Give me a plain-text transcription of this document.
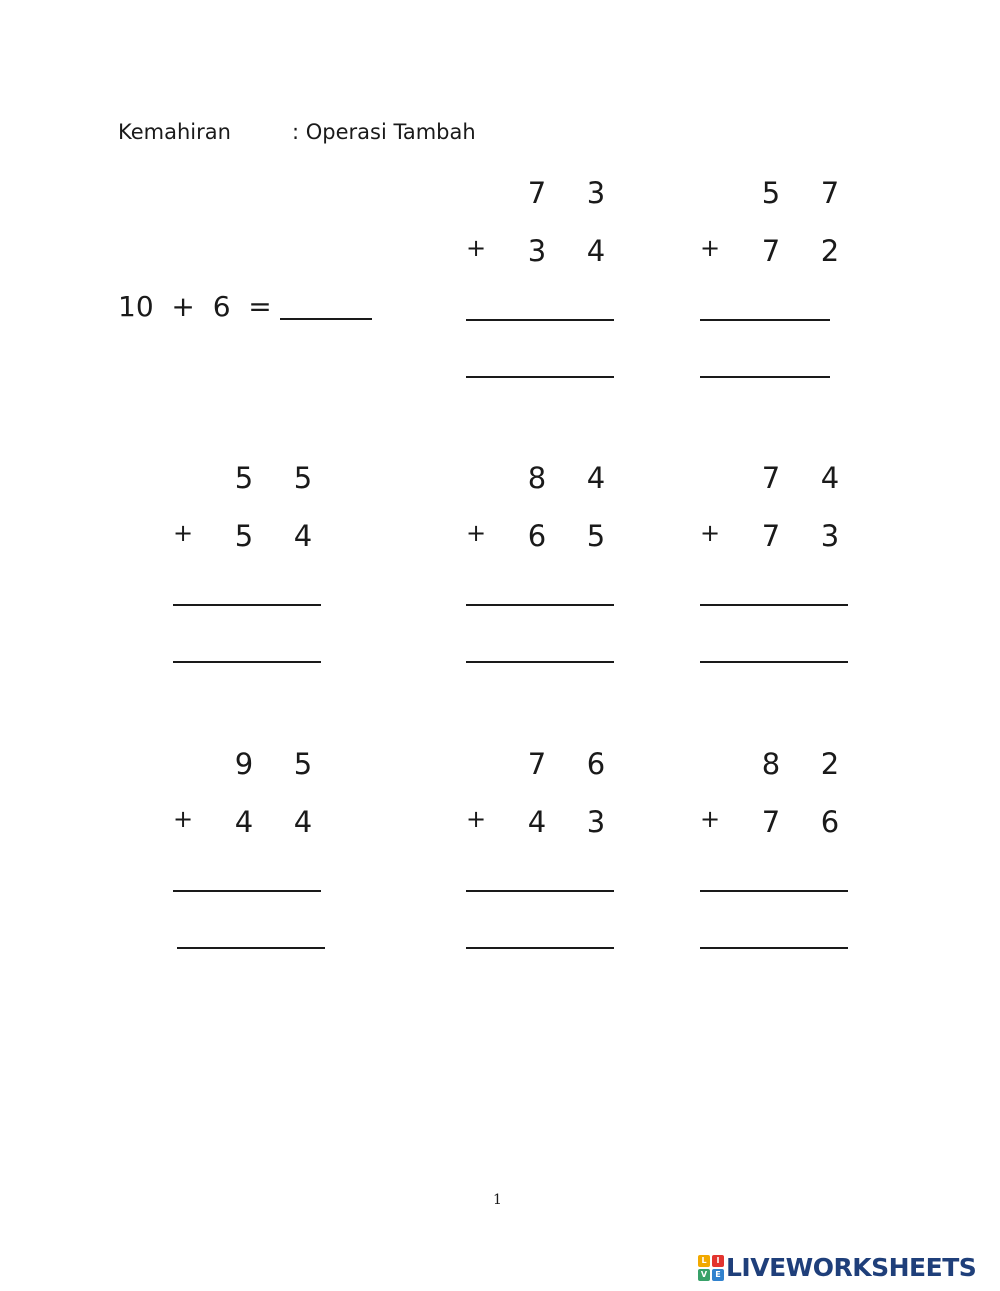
Kemahiran	: Operasi Tambah
10  +  6  =
7 3
+ 3 4
5 7
+ 7 2
5 5
+ 5 4
8 4
+ 6 5
7 4
+ 7 3
9 5
+ 4 4
7 6
+ 4 3
8 2
+ 7 6
1
L	I
V	E LIVEWORKSHEETS
